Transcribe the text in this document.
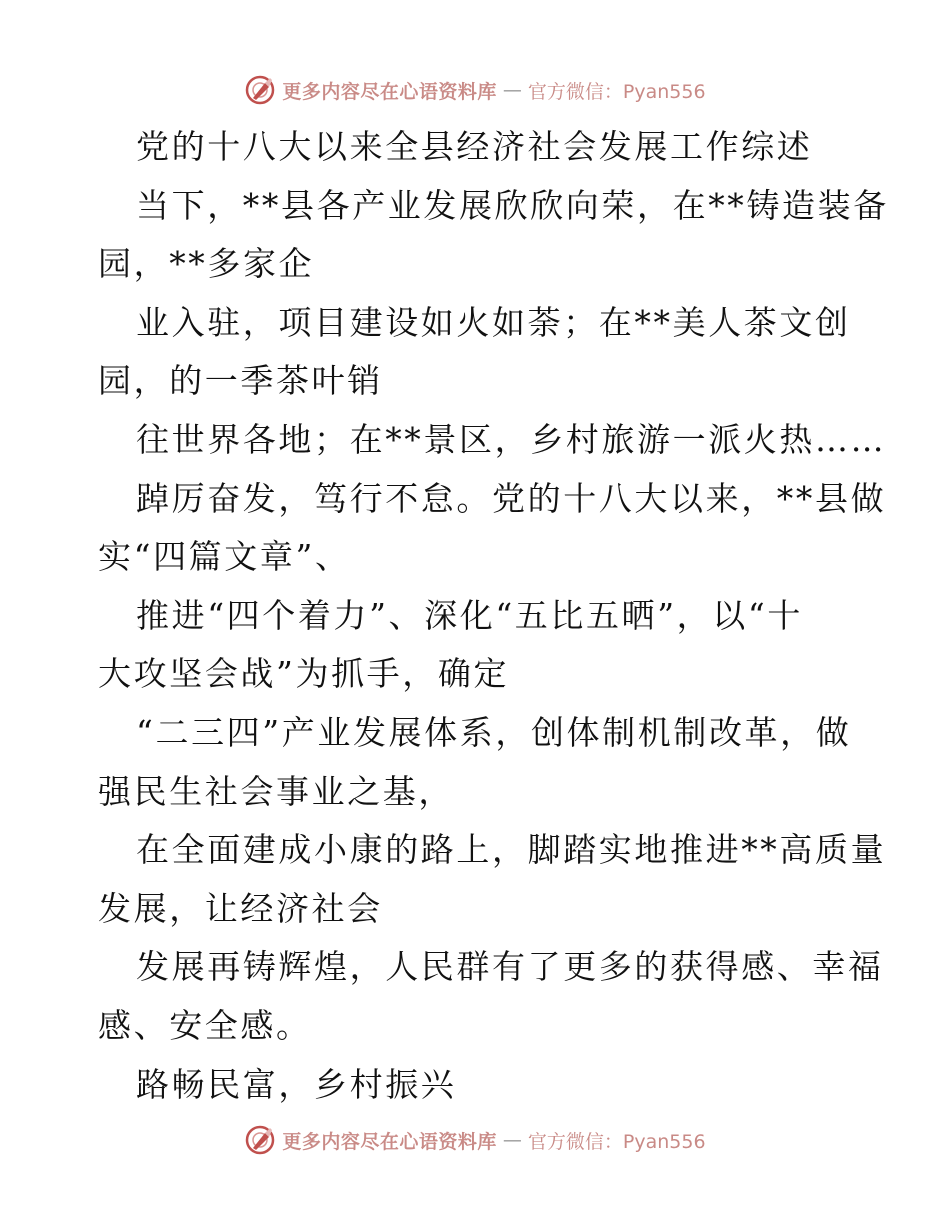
更多内容尽在心语资料库 — 官方微信：Pyan556
党的十八大以来全县经济社会发展工作综述
当下，**县各产业发展欣欣向荣，在**铸造装备
园，**多家企
业入驻，项目建设如火如荼；在**美人茶文创
园，的一季茶叶销
往世界各地；在**景区，乡村旅游一派火热……
踔厉奋发，笃行不怠。党的十八大以来，**县做
实“四篇文章”、
推进“四个着力”、深化“五比五晒”，以“十
大攻坚会战”为抓手，确定
“二三四”产业发展体系，创体制机制改革，做
强民生社会事业之基，
在全面建成小康的路上，脚踏实地推进**高质量
发展，让经济社会
发展再铸辉煌，人民群有了更多的获得感、幸福
感、安全感。
路畅民富，乡村振兴
更多内容尽在心语资料库 — 官方微信：Pyan556
